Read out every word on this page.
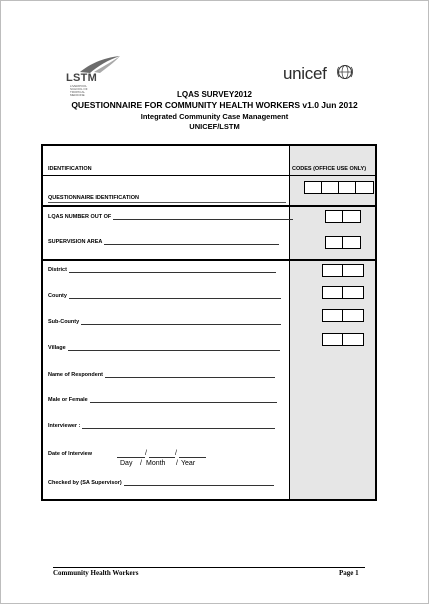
LSTM
LIVERPOOL SCHOOL OF TROPICAL MEDICINE
unicef
LQAS SURVEY2012
QUESTIONNAIRE FOR COMMUNITY HEALTH WORKERS v1.0 Jun 2012
Integrated Community Case Management
UNICEF/LSTM
IDENTIFICATION	CODES (OFFICE USE ONLY)
QUESTIONNAIRE IDENTIFICATION
LQAS NUMBER OUT OF
SUPERVISION AREA
District
County
Sub-County
Village
Name of Respondent
Male or Female
Interviewer :
Date of Interview	/	/
Day / Month / Year
Checked by (SA Supervisor)
Community Health Workers	Page 1
